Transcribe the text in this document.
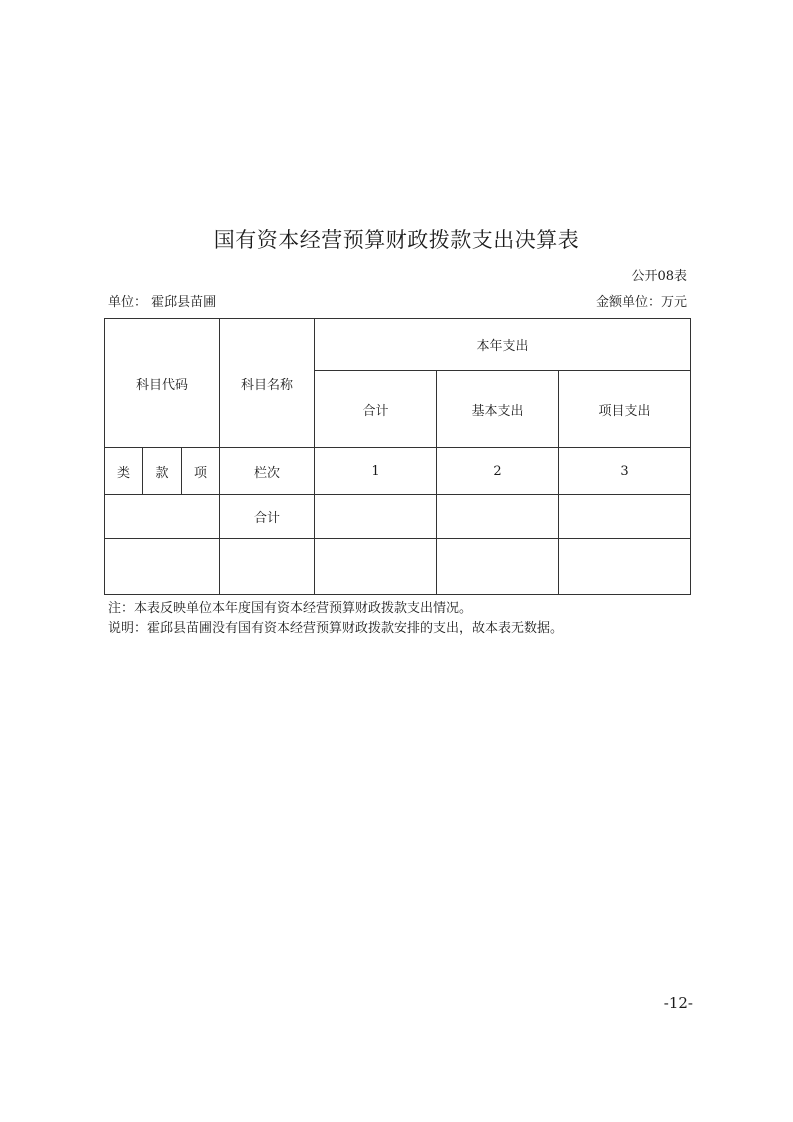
国有资本经营预算财政拨款支出决算表
公开08表
单位： 霍邱县苗圃	金额单位：万元
科目代码			科目名称	本年支出		
				合计	基本支出	项目支出
类	款	项	栏次	1	2	3
			合计			

注：本表反映单位本年度国有资本经营预算财政拨款支出情况。
说明：霍邱县苗圃没有国有资本经营预算财政拨款安排的支出，故本表无数据。
-12-
